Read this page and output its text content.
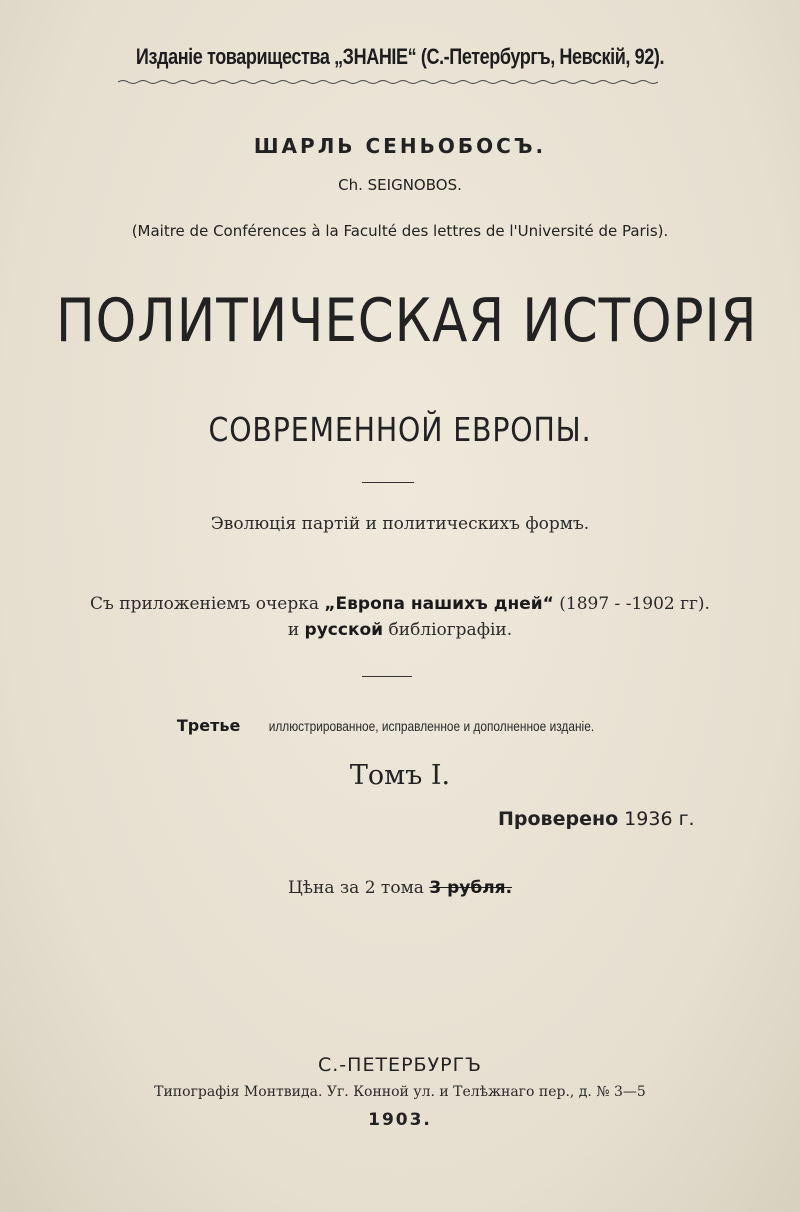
Изданіе товарищества „ЗНАНІЕ“ (С.-Петербургъ, Невскій, 92).
ШАРЛЬ СЕНЬОБОСЪ.
Ch. SEIGNOBOS.
(Maitre de Conférences à la Faculté des lettres de l'Université de Paris).
ПОЛИТИЧЕСКАЯ ИСТОРІЯ
СОВРЕМЕННОЙ ЕВРОПЫ.
Эволюція партій и политическихъ формъ.
Съ приложеніемъ очерка „Европа нашихъ дней“ (1897 - -1902 гг).
и русской библіографіи.
Третьеиллюстрированное, исправленное и дополненное изданіе.
Томъ I.
Проверено 1936 г.
Цѣна за 2 тома 3 рубля.
С.-ПЕТЕРБУРГЪ
Типографія Монтвида. Уг. Конной ул. и Телѣжнаго пер., д. № 3—5
1903.
